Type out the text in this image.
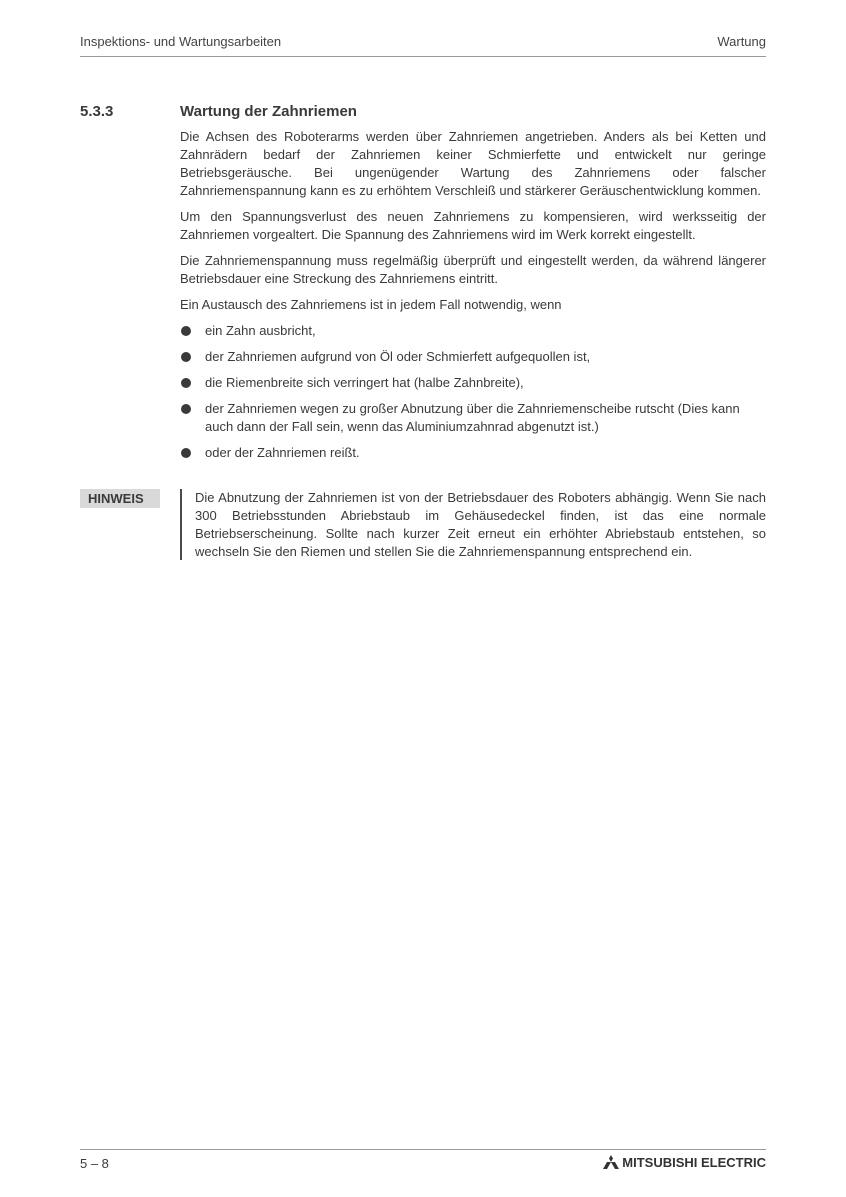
Inspektions- und Wartungsarbeiten	Wartung
5.3.3	Wartung der Zahnriemen

Die Achsen des Roboterarms werden über Zahnriemen angetrieben. Anders als bei Ketten und Zahnrädern bedarf der Zahnriemen keiner Schmierfette und entwickelt nur geringe Betriebsgeräusche. Bei ungenügender Wartung des Zahnriemens oder falscher Zahnriemenspannung kann es zu erhöhtem Verschleiß und stärkerer Geräuschentwicklung kommen.

Um den Spannungsverlust des neuen Zahnriemens zu kompensieren, wird werksseitig der Zahnriemen vorgealtert. Die Spannung des Zahnriemens wird im Werk korrekt eingestellt.

Die Zahnriemenspannung muss regelmäßig überprüft und eingestellt werden, da während längerer Betriebsdauer eine Streckung des Zahnriemens eintritt.

Ein Austausch des Zahnriemens ist in jedem Fall notwendig, wenn

ein Zahn ausbricht,
der Zahnriemen aufgrund von Öl oder Schmierfett aufgequollen ist,
die Riemenbreite sich verringert hat (halbe Zahnbreite),
der Zahnriemen wegen zu großer Abnutzung über die Zahnriemenscheibe rutscht (Dies kann auch dann der Fall sein, wenn das Aluminiumzahnrad abgenutzt ist.)
oder der Zahnriemen reißt.
HINWEIS	Die Abnutzung der Zahnriemen ist von der Betriebsdauer des Roboters abhängig. Wenn Sie nach 300 Betriebsstunden Abriebstaub im Gehäusedeckel finden, ist das eine normale Betriebserscheinung. Sollte nach kurzer Zeit erneut ein erhöhter Abriebstaub entstehen, so wechseln Sie den Riemen und stellen Sie die Zahnriemenspannung entsprechend ein.
5 – 8	MITSUBISHI ELECTRIC
